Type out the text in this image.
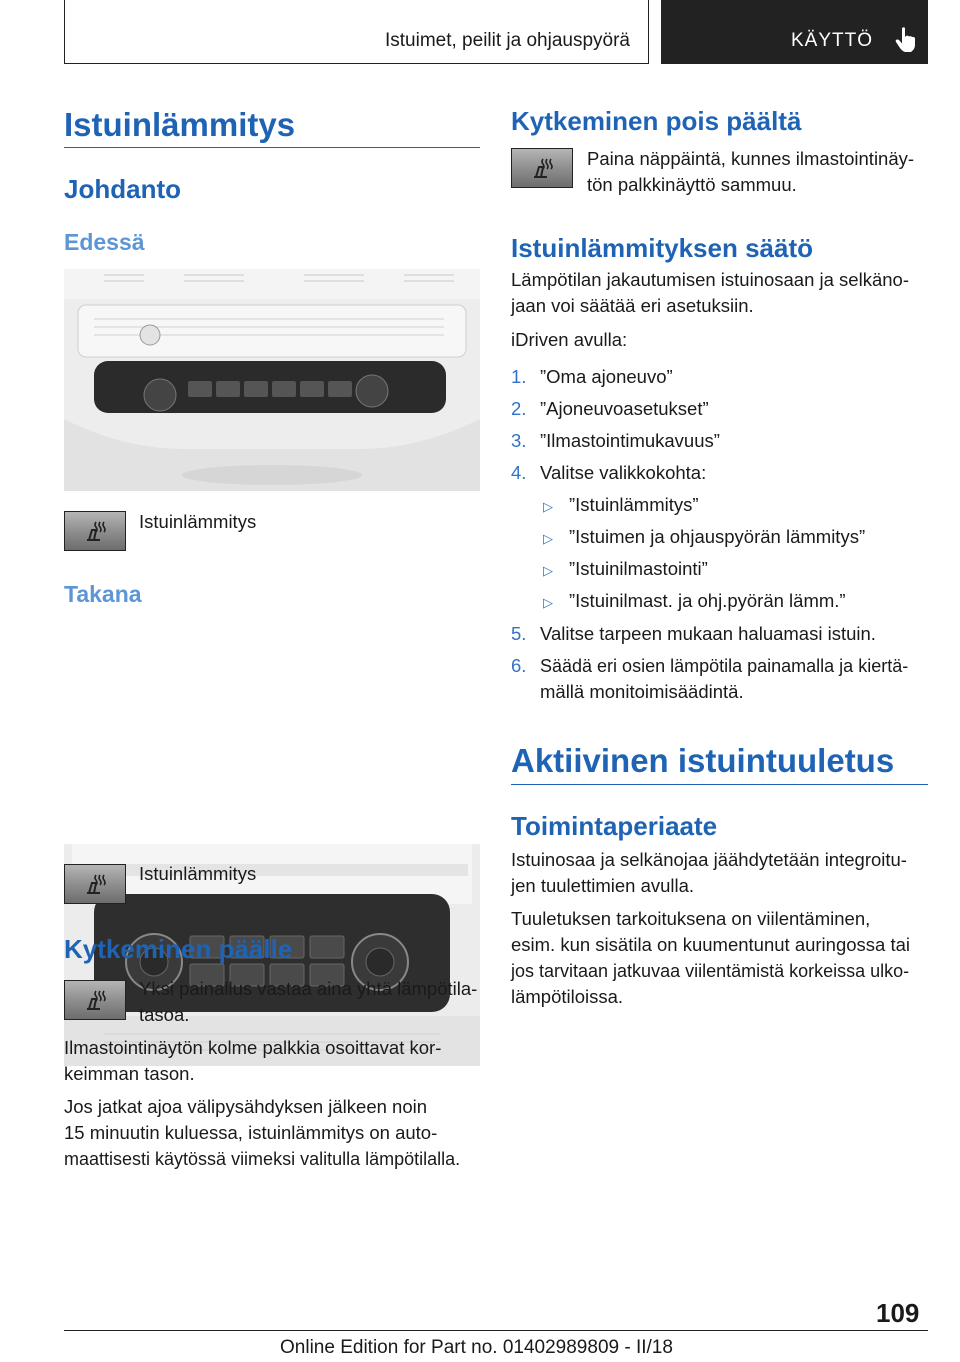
Istuimet, peilit ja ohjauspyörä	KÄYTTÖ
Istuinlämmitys
Johdanto
Edessä

Istuinlämmitys

Takana

Istuinlämmitys

Kytkeminen päälle

Yksi painallus vastaa aina yhtä lämpötila-

tasoa.

Ilmastointinäytön kolme palkkia osoittavat kor-

keimman tason.

Jos jatkat ajoa välipysähdyksen jälkeen noin

15 minuutin kuluessa, istuinlämmitys on auto-

maattisesti käytössä viimeksi valitulla lämpötilalla.

Kytkeminen pois päältä

Paina näppäintä, kunnes ilmastointinäy-

tön palkkinäyttö sammuu.

Istuinlämmityksen säätö

Lämpötilan jakautumisen istuinosaan ja selkäno-

jaan voi säätää eri asetuksiin.

iDriven avulla:

1. ”Oma ajoneuvo”

2. ”Ajoneuvoasetukset”

3. ”Ilmastointimukavuus”

4. Valitse valikkokohta:

▷ ”Istuinlämmitys”

▷ ”Istuimen ja ohjauspyörän lämmitys”

▷ ”Istuinilmastointi”

▷ ”Istuinilmast. ja ohj.pyörän lämm.”

5. Valitse tarpeen mukaan haluamasi istuin.

6. Säädä eri osien lämpötila painamalla ja kiertä-

mällä monitoimisäädintä.

Aktiivinen istuintuuletus
Toimintaperiaate

Istuinosaa ja selkänojaa jäähdytetään integroitu-

jen tuulettimien avulla.

Tuuletuksen tarkoituksena on viilentäminen,

esim. kun sisätila on kuumentunut auringossa tai

jos tarvitaan jatkuvaa viilentämistä korkeissa ulko-

lämpötiloissa.

109
Online Edition for Part no. 01402989809 - II/18
